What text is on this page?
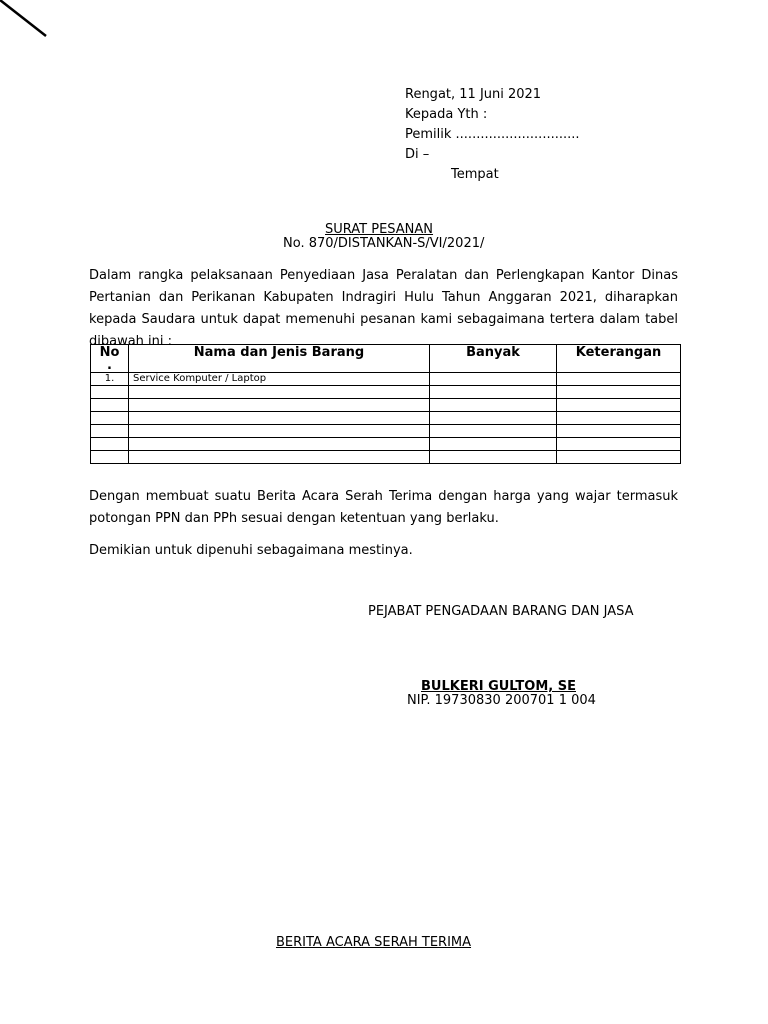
Rengat, 11 Juni 2021
Kepada Yth :
Pemilik ..............................
Di –
Tempat
SURAT PESANAN
No. 870/DISTANKAN-S/VI/2021/
Dalam rangka pelaksanaan Penyediaan Jasa Peralatan dan Perlengkapan Kantor Dinas Pertanian dan Perikanan Kabupaten Indragiri Hulu Tahun Anggaran 2021, diharapkan kepada Saudara untuk dapat memenuhi pesanan kami sebagaimana tertera dalam tabel dibawah ini :
No
.	Nama dan Jenis Barang	Banyak	Keterangan
1.	Service Komputer / Laptop		

Dengan membuat suatu Berita Acara Serah Terima dengan harga yang wajar termasuk potongan PPN dan PPh sesuai dengan ketentuan yang berlaku.
Demikian untuk dipenuhi sebagaimana mestinya.
PEJABAT PENGADAAN BARANG DAN JASA
BULKERI GULTOM, SE
NIP. 19730830 200701 1 004
BERITA ACARA SERAH TERIMA
